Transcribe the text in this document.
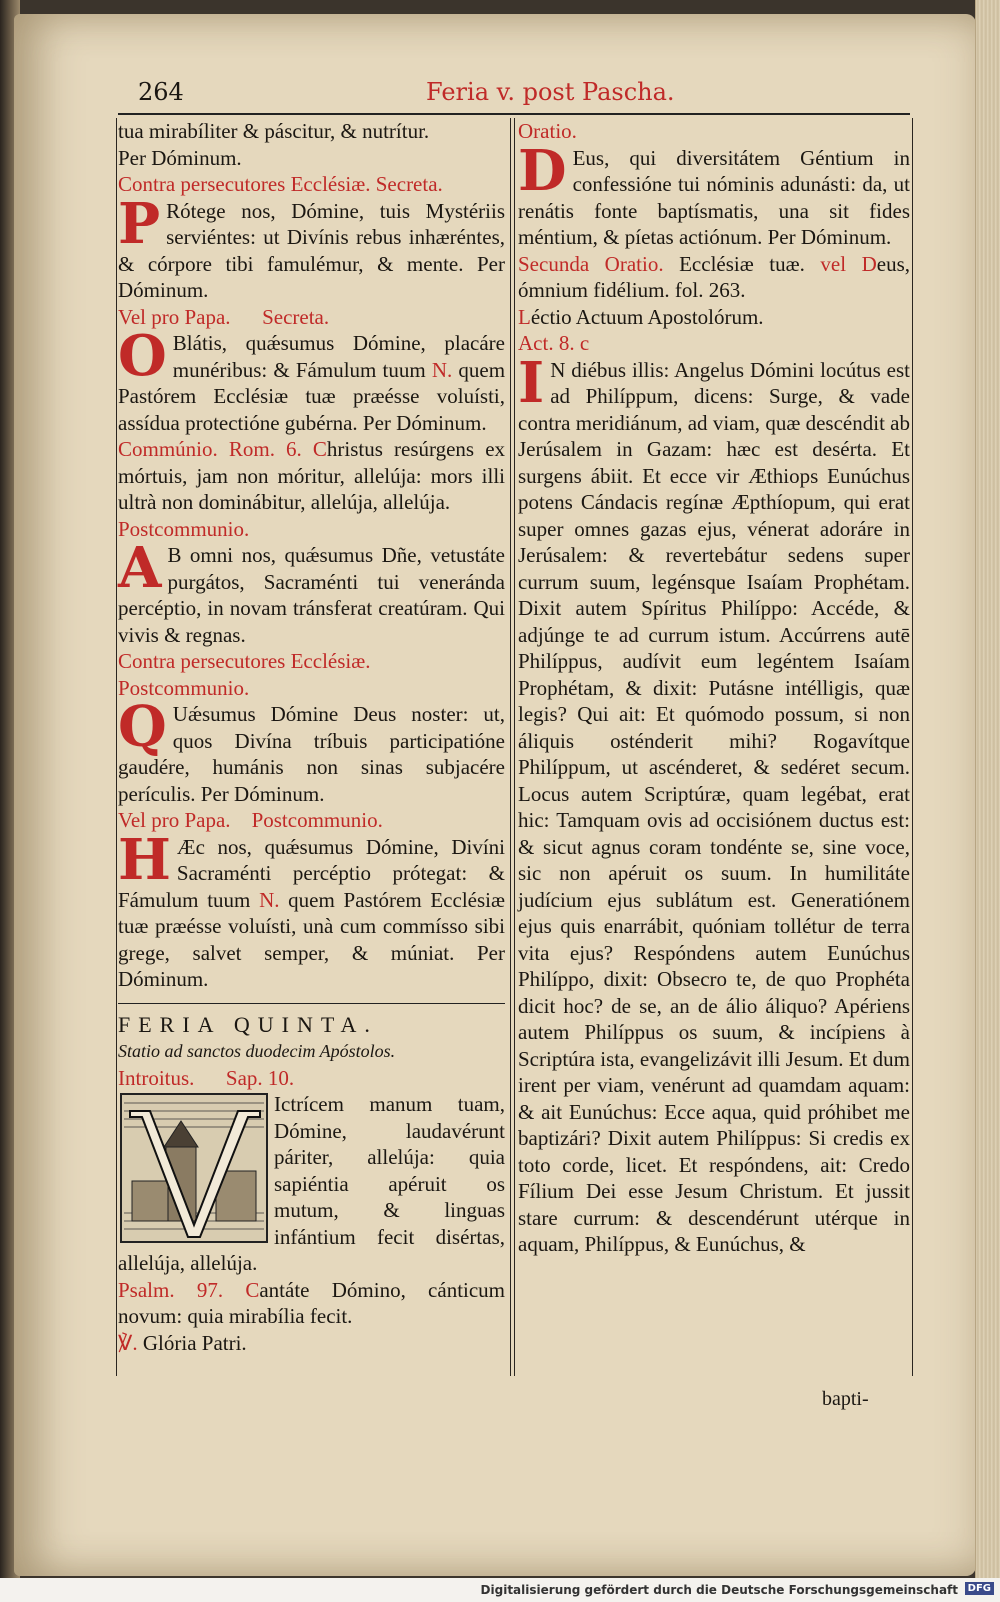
264	Feria v. post Pascha.

tua mirabíliter & páscitur, & nutrítur.

Per Dóminum.

Contra persecutores Ecclésiæ. Secreta.

P Rótege nos, Dómine, tuis Mystériis serviéntes: ut Divínis rebus inhæréntes, & córpore tibi famulémur, & mente. Per Dóminum.

Vel pro Papa. Secreta.

O Blátis, quǽsumus Dómine, placáre munéribus: & Fámulum tuum N. quem Pastórem Ecclésiæ tuæ præésse voluísti, assídua protectióne gubérna. Per Dóminum.

Commúnio. Rom. 6. Christus resúrgens ex mórtuis, jam non móritur, allelúja: mors illi ultrà non dominábitur, allelúja, allelúja.

Postcommunio.

A B omni nos, quǽsumus Dñe, vetustáte purgátos, Sacraménti tui veneránda percéptio, in novam tránsferat creatúram. Qui vivis & regnas.

Contra persecutores Ecclésiæ.

Postcommunio.

Q Uǽsumus Dómine Deus noster: ut, quos Divína tríbuis participatióne gaudére, humánis non sinas subjacére perículis. Per Dóminum.

Vel pro Papa. Postcommunio.

H Æc nos, quǽsumus Dómine, Divíni Sacraménti percéptio prótegat: & Fámulum tuum N. quem Pastórem Ecclésiæ tuæ præésse voluísti, unà cum commísso sibi grege, salvet semper, & múniat. Per Dóminum.

FERIA QUINTA.

Statio ad sanctos duodecim Apóstolos.

Introitus. Sap. 10.

Ictrícem manum tuam, Dómine, laudavérunt páriter, allelúja: quia sapiéntia apéruit os mutum, & linguas infántium fecit disértas, allelúja, allelúja.

Psalm. 97. Cantáte Dómino, cánticum novum: quia mirabília fecit.

℣. Glória Patri.

Oratio.

D Eus, qui diversitátem Géntium in confessióne tui nóminis adunásti: da, ut renátis fonte baptísmatis, una sit fides méntium, & píetas actiónum. Per Dóminum.

Secunda Oratio. Ecclésiæ tuæ. vel Deus, ómnium fidélium. fol. 263.

Léctio Actuum Apostolórum.

Act. 8. c

I N diébus illis: Angelus Dómini locútus est ad Philíppum, dicens: Surge, & vade contra meridiánum, ad viam, quæ descéndit ab Jerúsalem in Gazam: hæc est desérta. Et surgens ábiit. Et ecce vir Æthiops Eunúchus potens Cándacis regínæ Æpthíopum, qui erat super omnes gazas ejus, vénerat adoráre in Jerúsalem: & revertebátur sedens super currum suum, legénsque Isaíam Prophétam. Dixit autem Spíritus Philíppo: Accéde, & adjúnge te ad currum istum. Accúrrens autē Philíppus, audívit eum legéntem Isaíam Prophétam, & dixit: Putásne intélligis, quæ legis? Qui ait: Et quómodo possum, si non áliquis osténderit mihi? Rogavítque Philíppum, ut ascénderet, & sedéret secum. Locus autem Scriptúræ, quam legébat, erat hic: Tamquam ovis ad occisiónem ductus est: & sicut agnus coram tondénte se, sine voce, sic non apéruit os suum. In humilitáte judícium ejus sublátum est. Generatiónem ejus quis enarrábit, quóniam tollétur de terra vita ejus? Respóndens autem Eunúchus Philíppo, dixit: Obsecro te, de quo Prophéta dicit hoc? de se, an de álio áliquo? Apériens autem Philíppus os suum, & incípiens à Scriptúra ista, evangelizávit illi Jesum. Et dum irent per viam, venérunt ad quamdam aquam: & ait Eunúchus: Ecce aqua, quid próhibet me baptizári? Dixit autem Philíppus: Si credis ex toto corde, licet. Et respóndens, ait: Credo Fílium Dei esse Jesum Christum. Et jussit stare currum: & descendérunt utérque in aquam, Philíppus, & Eunúchus, &

bapti-
Digitalisierung gefördert durch die Deutsche Forschungsgemeinschaft DFG
